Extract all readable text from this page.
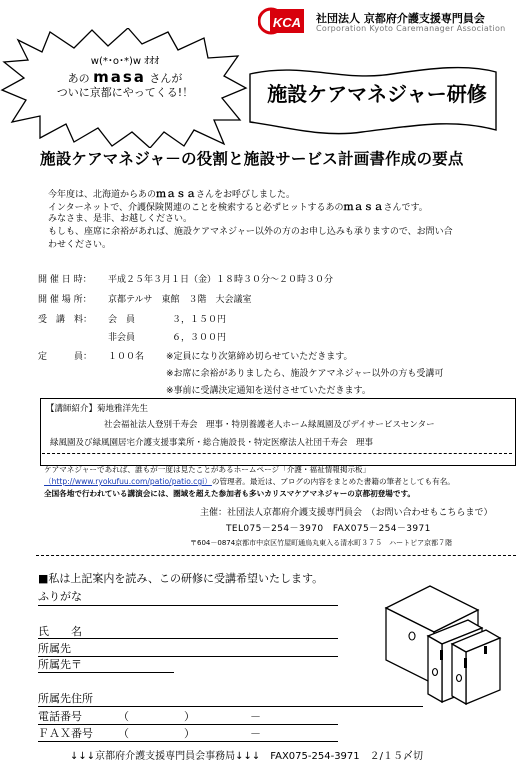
KCA 社団法人 京都府介護支援専門員会
Corporation Kyoto Caremanager Association
w(*･o･*)w ｵｵｵ
あの masa さんが
ついに京都にやってくる!！	施設ケアマネジャー研修
施設ケアマネジャ－の役割と施設サービス計画書作成の要点
今年度は、北海道からあのｍａｓａさんをお呼びしました。
インターネットで、介護保険関連のことを検索すると必ずヒットするあのｍａｓａさんです。
みなさま、是非、お越しください。
もしも、座席に余裕があれば、施設ケアマネジャー以外の方のお申し込みも承りますので、お問い合
わせください。
開 催 日 時： 平成２５年３月１日（金）１８時３０分～２０時３０分
開 催 場 所： 京都テルサ　東館　３階　大会議室
受　講　料： 会　員	３，１５０円
非会員	６，３００円
定　　　員： １００名 ※定員になり次第締め切らせていただきます。
※お席に余裕がありましたら、施設ケアマネジャー以外の方も受講可
※事前に受講決定通知を送付させていただきます。
【講師紹介】菊地雅洋先生
社会福祉法人登別千寿会　理事・特別養護老人ホーム緑風園及びデイサービスセンター
緑風園及び緑風園居宅介護支援事業所・総合施設長・特定医療法人社団千寿会　理事
ケアマネジャーであれば、誰もが一度は見たことがあるホームページ「介護・福祉情報掲示板」
（http://www.ryokufuu.com/patio/patio.cgi）の管理者。最近は、ブログの内容をまとめた書籍の筆者としても有名。
全国各地で行われている講演会には、圏域を超えた参加者も多いカリスマケアマネジャーの京都初登場です。
主催：社団法人京都府介護支援専門員会　（お問い合わせもこちらまで）
TEL075－254－3970　FAX075－254－3971
〒604－0874京都市中京区竹屋町通烏丸東入る清水町３７５　ハートピア京都７階
■私は上記案内を読み、この研修に受講希望いたします。
ふりがな
氏　　名
所属先
所属先〒
所属先住所
電話番号	（	）	－
ＦＡＸ番号 （	）	－
↓↓↓京都府介護支援専門員会事務局↓↓↓　FAX075-254-3971　２/１５〆切
